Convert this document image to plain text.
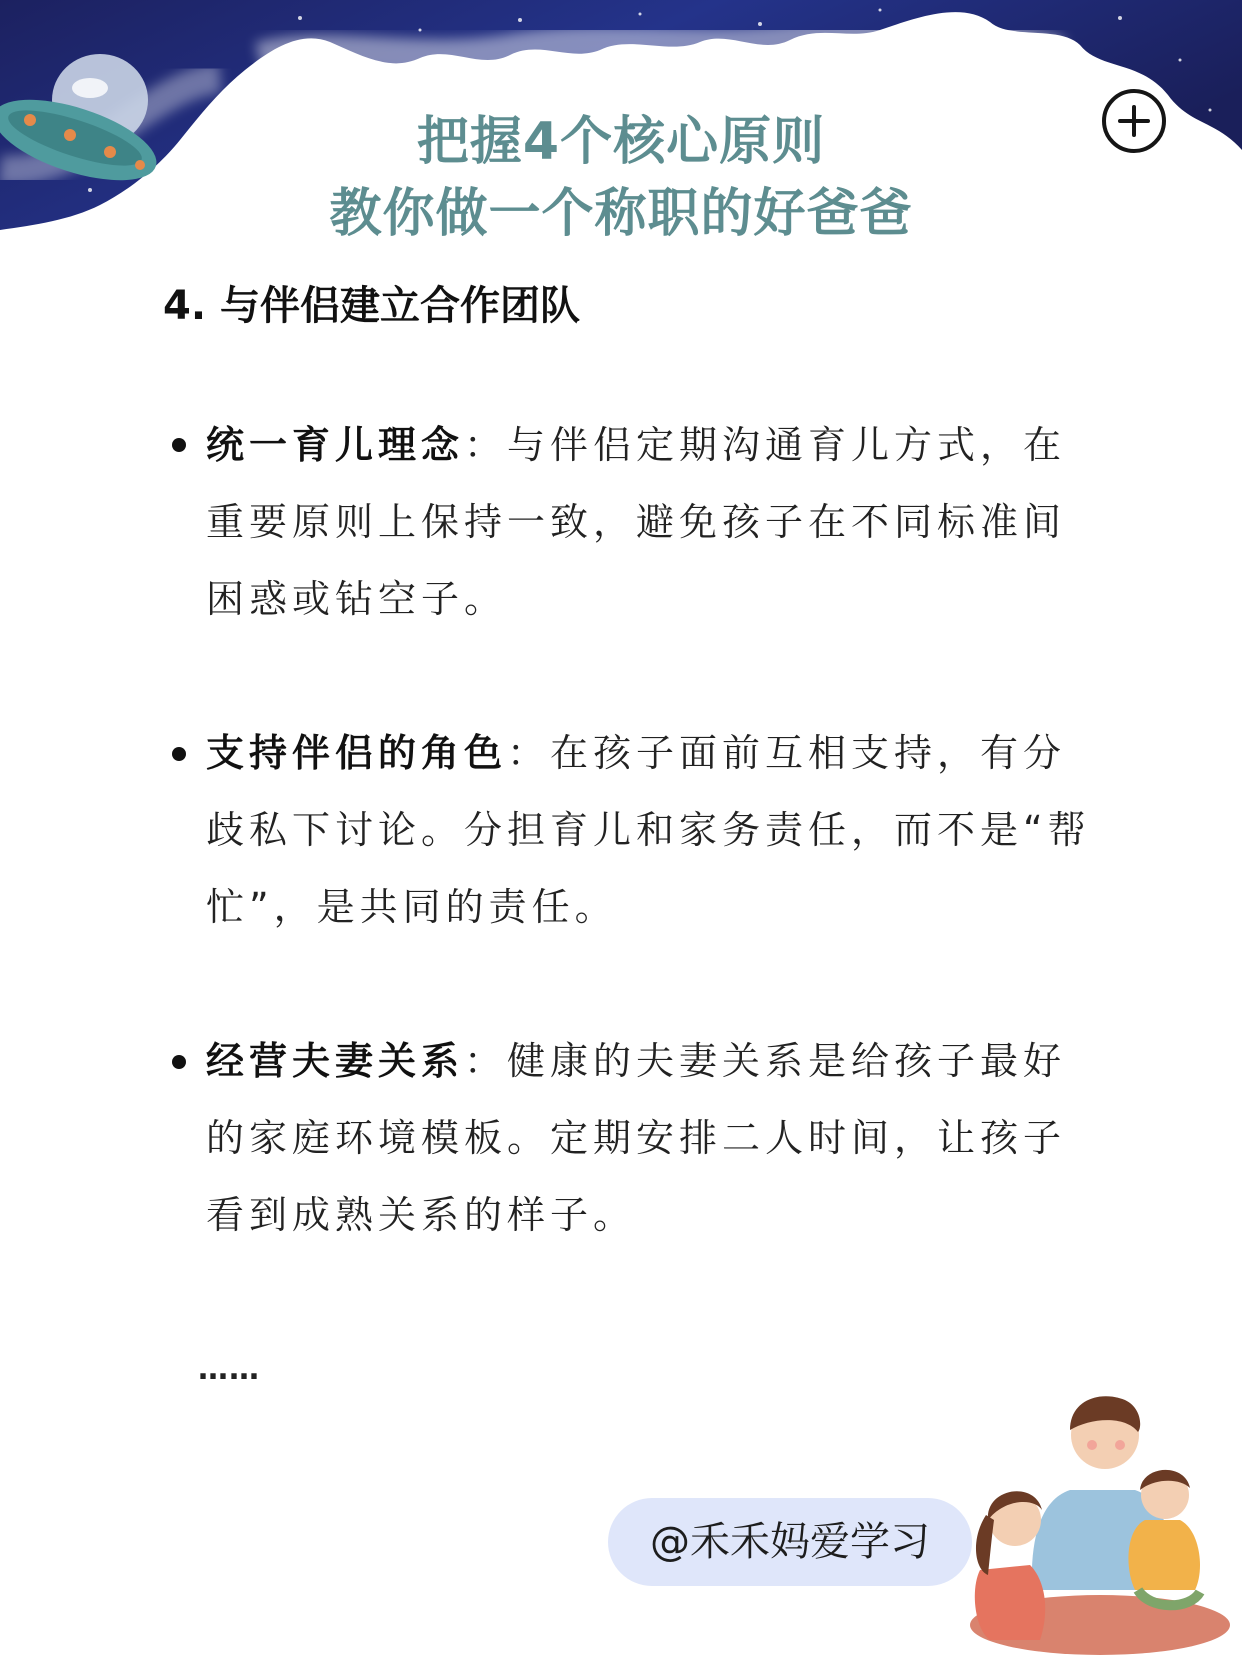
把握4个核心原则
教你做一个称职的好爸爸
4. 与伴侣建立合作团队
统一育儿理念：与伴侣定期沟通育儿方式，在重要原则上保持一致，避免孩子在不同标准间困惑或钻空子。
支持伴侣的角色：在孩子面前互相支持，有分歧私下讨论。分担育儿和家务责任，而不是“帮忙”，是共同的责任。
经营夫妻关系：健康的夫妻关系是给孩子最好的家庭环境模板。定期安排二人时间，让孩子看到成熟关系的样子。
……
@禾禾妈爱学习
